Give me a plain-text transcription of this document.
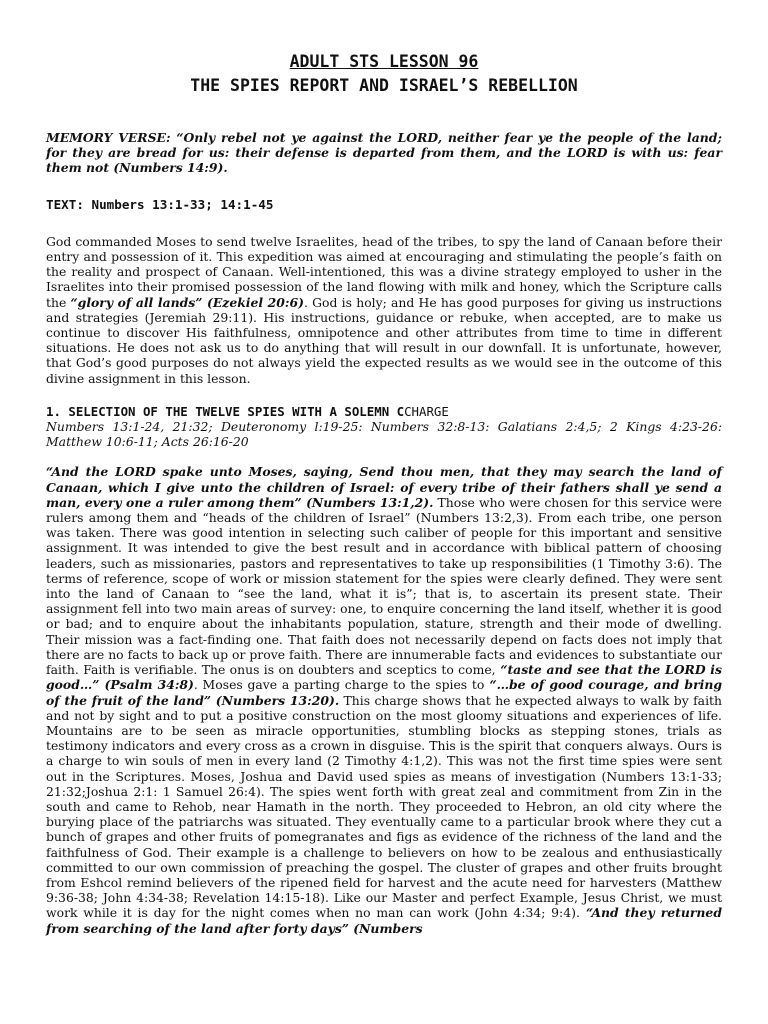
ADULT STS LESSON 96
THE SPIES REPORT AND ISRAEL’S REBELLION

MEMORY VERSE: “Only rebel not ye against the LORD, neither fear ye the people of the land; for they are bread for us: their defense is departed from them, and the LORD is with us: fear them not (Numbers 14:9).

TEXT: Numbers 13:1-33; 14:1-45

God commanded Moses to send twelve Israelites, head of the tribes, to spy the land of Canaan before their entry and possession of it. This expedition was aimed at encouraging and stimulating the people’s faith on the reality and prospect of Canaan. Well-intentioned, this was a divine strategy employed to usher in the Israelites into their promised possession of the land flowing with milk and honey, which the Scripture calls the “glory of all lands” (Ezekiel 20:6). God is holy; and He has good purposes for giving us instructions and strategies (Jeremiah 29:11). His instructions, guidance or rebuke, when accepted, are to make us continue to discover His faithfulness, omnipotence and other attributes from time to time in different situations. He does not ask us to do anything that will result in our downfall. It is unfortunate, however, that God’s good purposes do not always yield the expected results as we would see in the outcome of this divine assignment in this lesson.

1. SELECTION OF THE TWELVE SPIES WITH A SOLEMN CCHARGE

Numbers 13:1-24, 21:32; Deuteronomy l:19-25: Numbers 32:8-13: Galatians 2:4,5; 2 Kings 4:23-26: Matthew 10:6-11; Acts 26:16-20

“And the LORD spake unto Moses, saying, Send thou men, that they may search the land of Canaan, which I give unto the children of Israel: of every tribe of their fathers shall ye send a man, every one a ruler among them” (Numbers 13:1,2). Those who were chosen for this service were rulers among them and “heads of the children of Israel” (Numbers 13:2,3). From each tribe, one person was taken. There was good intention in selecting such caliber of people for this important and sensitive assignment. It was intended to give the best result and in accordance with biblical pattern of choosing leaders, such as missionaries, pastors and representatives to take up responsibilities (1 Timothy 3:6). The terms of reference, scope of work or mission statement for the spies were clearly defined. They were sent into the land of Canaan to “see the land, what it is”; that is, to ascertain its present state. Their assignment fell into two main areas of survey: one, to enquire concerning the land itself, whether it is good or bad; and to enquire about the inhabitants population, stature, strength and their mode of dwelling. Their mission was a fact-finding one. That faith does not necessarily depend on facts does not imply that there are no facts to back up or prove faith. There are innumerable facts and evidences to substantiate our faith. Faith is verifiable. The onus is on doubters and sceptics to come, “taste and see that the LORD is good…” (Psalm 34:8). Moses gave a parting charge to the spies to “…be of good courage, and bring of the fruit of the land” (Numbers 13:20). This charge shows that he expected always to walk by faith and not by sight and to put a positive construction on the most gloomy situations and experiences of life. Mountains are to be seen as miracle opportunities, stumbling blocks as stepping stones, trials as testimony indicators and every cross as a crown in disguise. This is the spirit that conquers always. Ours is a charge to win souls of men in every land (2 Timothy 4:1,2). This was not the first time spies were sent out in the Scriptures. Moses, Joshua and David used spies as means of investigation (Numbers 13:1-33; 21:32;Joshua 2:1: 1 Samuel 26:4). The spies went forth with great zeal and commitment from Zin in the south and came to Rehob, near Hamath in the north. They proceeded to Hebron, an old city where the burying place of the patriarchs was situated. They eventually came to a particular brook where they cut a bunch of grapes and other fruits of pomegranates and figs as evidence of the richness of the land and the faithfulness of God. Their example is a challenge to believers on how to be zealous and enthusiastically committed to our own commission of preaching the gospel. The cluster of grapes and other fruits brought from Eshcol remind believers of the ripened field for harvest and the acute need for harvesters (Matthew 9:36-38; John 4:34-38; Revelation 14:15-18). Like our Master and perfect Example, Jesus Christ, we must work while it is day for the night comes when no man can work (John 4:34; 9:4). “And they returned from searching of the land after forty days” (Numbers
